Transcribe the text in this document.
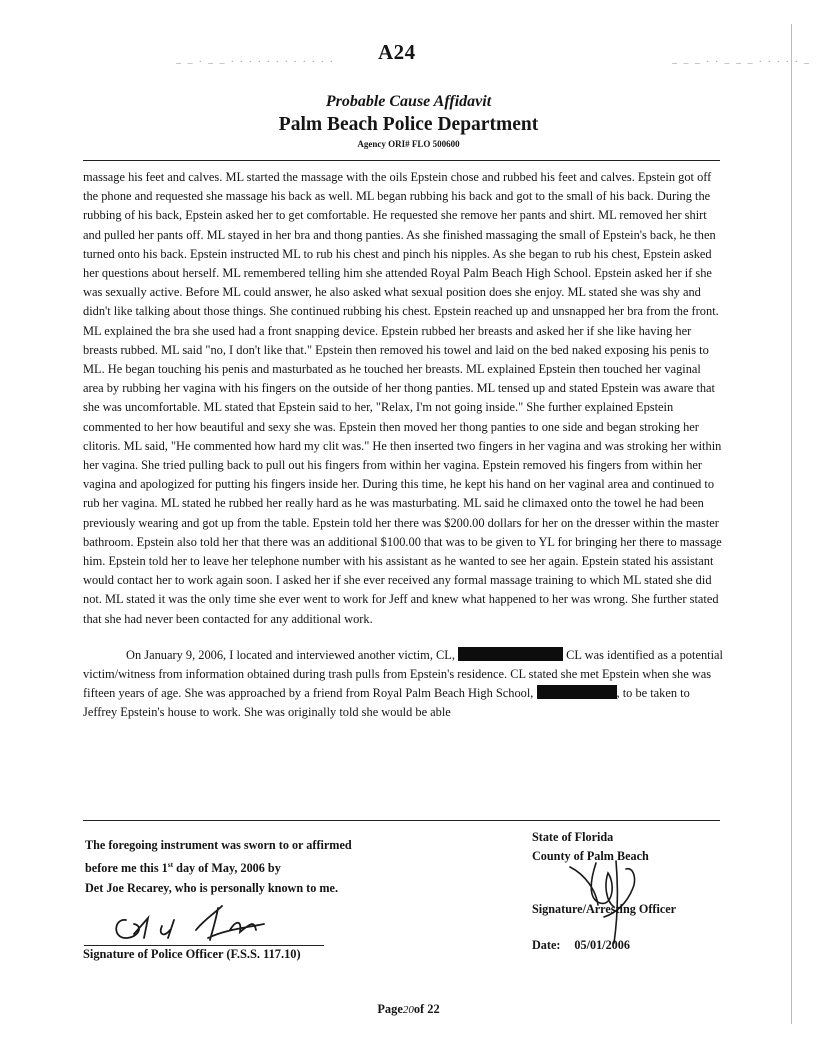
_ _ . _ _ . . . . . . . . . . . . A24	_ _ _ . . _ _ _ . . . . . _
Probable Cause Affidavit
Palm Beach Police Department
Agency ORI# FLO 500600

massage his feet and calves. ML started the massage with the oils Epstein chose and rubbed his feet and calves. Epstein got off the phone and requested she massage his back as well. ML began rubbing his back and got to the small of his back. During the rubbing of his back, Epstein asked her to get comfortable. He requested she remove her pants and shirt. ML removed her shirt and pulled her pants off. ML stayed in her bra and thong panties. As she finished massaging the small of Epstein's back, he then turned onto his back. Epstein instructed ML to rub his chest and pinch his nipples. As she began to rub his chest, Epstein asked her questions about herself. ML remembered telling him she attended Royal Palm Beach High School. Epstein asked her if she was sexually active. Before ML could answer, he also asked what sexual position does she enjoy. ML stated she was shy and didn't like talking about those things. She continued rubbing his chest. Epstein reached up and unsnapped her bra from the front. ML explained the bra she used had a front snapping device. Epstein rubbed her breasts and asked her if she like having her breasts rubbed. ML said "no, I don't like that." Epstein then removed his towel and laid on the bed naked exposing his penis to ML. He began touching his penis and masturbated as he touched her breasts. ML explained Epstein then touched her vaginal area by rubbing her vagina with his fingers on the outside of her thong panties. ML tensed up and stated Epstein was aware that she was uncomfortable. ML stated that Epstein said to her, "Relax, I'm not going inside." She further explained Epstein commented to her how beautiful and sexy she was. Epstein then moved her thong panties to one side and began stroking her clitoris. ML said, "He commented how hard my clit was." He then inserted two fingers in her vagina and was stroking her within her vagina. She tried pulling back to pull out his fingers from within her vagina. Epstein removed his fingers from within her vagina and apologized for putting his fingers inside her. During this time, he kept his hand on her vaginal area and continued to rub her vagina. ML stated he rubbed her really hard as he was masturbating. ML said he climaxed onto the towel he had been previously wearing and got up from the table. Epstein told her there was $200.00 dollars for her on the dresser within the master bathroom. Epstein also told her that there was an additional $100.00 that was to be given to YL for bringing her there to massage him. Epstein told her to leave her telephone number with his assistant as he wanted to see her again. Epstein stated his assistant would contact her to work again soon. I asked her if she ever received any formal massage training to which ML stated she did not. ML stated it was the only time she ever went to work for Jeff and knew what happened to her was wrong. She further stated that she had never been contacted for any additional work.

On January 9, 2006, I located and interviewed another victim, CL,	CL was identified as a potential victim/witness from information obtained during trash pulls from Epstein's residence. CL stated she met Epstein when she was fifteen years of age. She was approached by a friend from Royal Palm Beach High School,	, to be taken to Jeffrey Epstein's house to work. She was originally told she would be able

The foregoing instrument was sworn to or affirmed
before me this 1st day of May, 2006 by
Det Joe Recarey, who is personally known to me.
Signature of Police Officer (F.S.S. 117.10)
State of Florida
County of Palm Beach
Signature/Arresting Officer
Date: 05/01/2006
Page20of 22
